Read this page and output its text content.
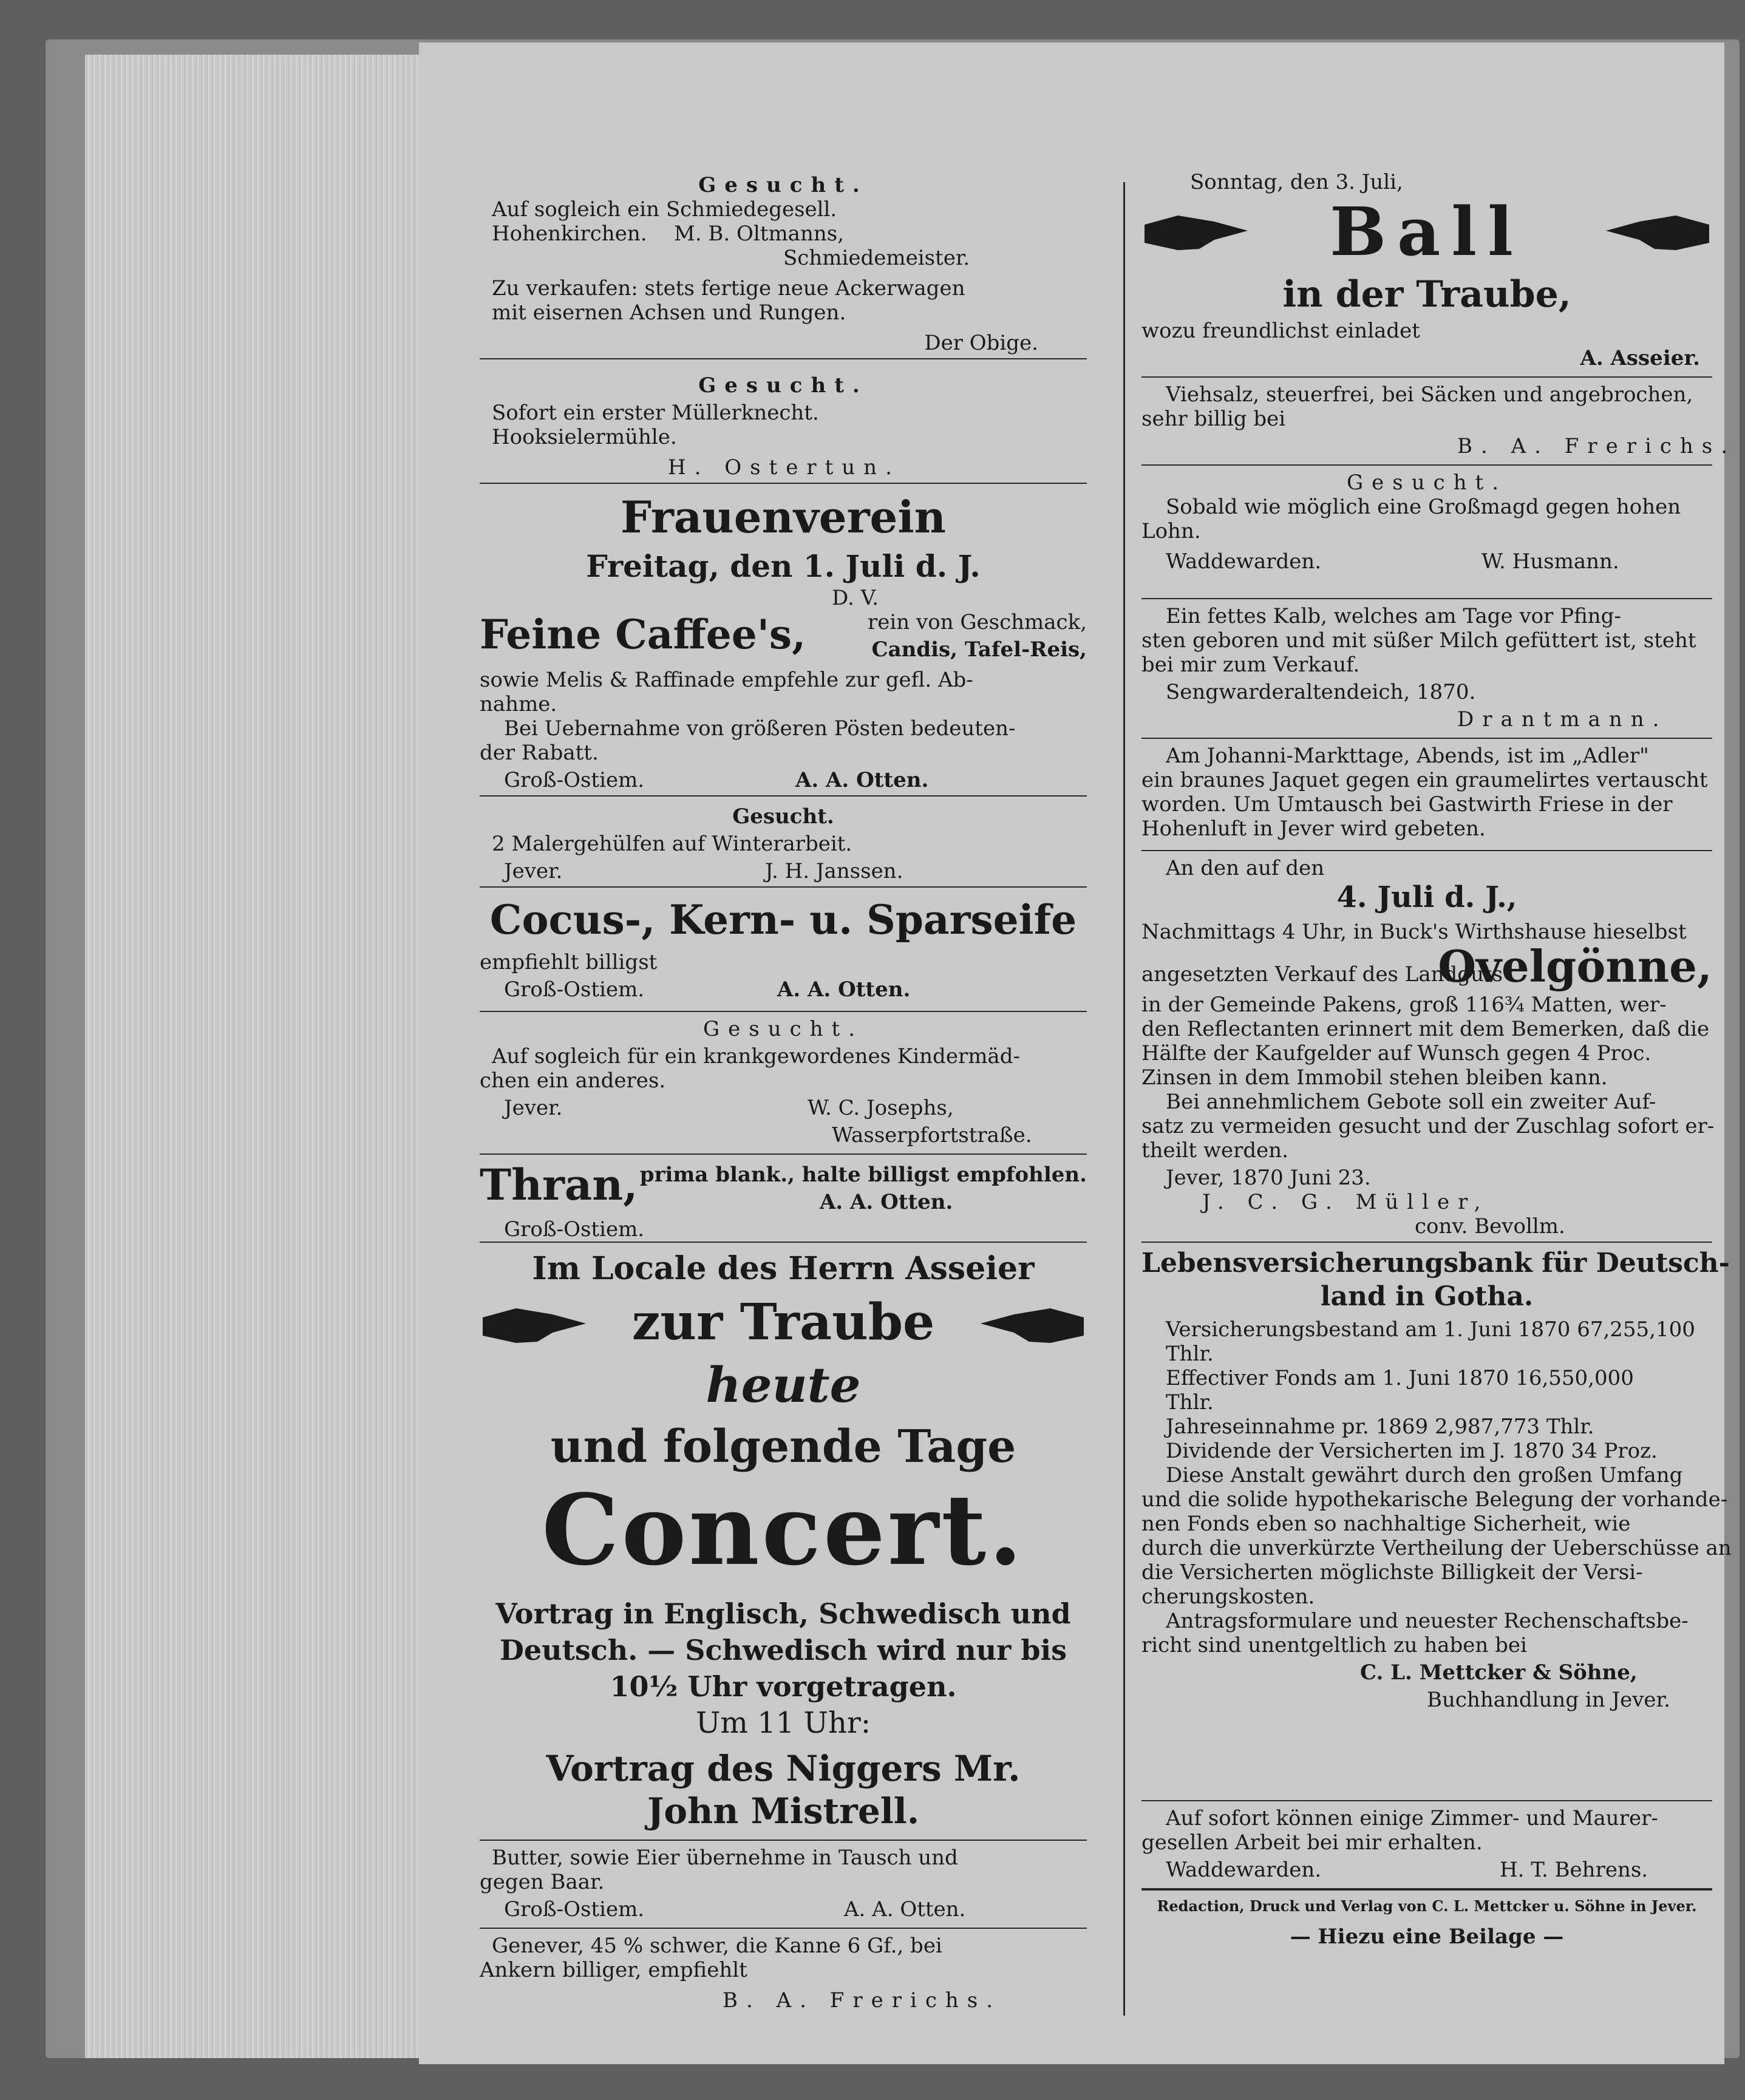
Gesucht.
Auf sogleich ein Schmiedegesell.
Hohenkirchen. M. B. Oltmanns,
Schmiedemeister.
Zu verkaufen: stets fertige neue Ackerwagen
mit eisernen Achsen und Rungen.
Der Obige.
Gesucht.
Sofort ein erster Müllerknecht.
Hooksielermühle.
H. Ostertun.
Frauenverein
Freitag, den 1. Juli d. J.
D. V.
Feine Caffee's,	rein von Geschmack,
Candis, Tafel-Reis,
sowie Melis & Raffinade empfehle zur gefl. Ab-
nahme.
Bei Uebernahme von größeren Pösten bedeuten-
der Rabatt.
Groß-Ostiem.	A. A. Otten.
Gesucht.
2 Malergehülfen auf Winterarbeit.
Jever.	J. H. Janssen.
Cocus-, Kern- u. Sparseife
empfiehlt billigst
Groß-Ostiem.	A. A. Otten.
Gesucht.
Auf sogleich für ein krankgewordenes Kindermäd-
chen ein anderes.
Jever.	W. C. Josephs,
Wasserpfortstraße.
Thran, prima blank., halte billigst empfohlen.
A. A. Otten.
Groß-Ostiem.
Im Locale des Herrn Asseier
zur Traube
heute
und folgende Tage
Concert.
Vortrag in Englisch, Schwedisch und
Deutsch. — Schwedisch wird nur bis
10½ Uhr vorgetragen.
Um 11 Uhr:
Vortrag des Niggers Mr.
John Mistrell.
Butter, sowie Eier übernehme in Tausch und
gegen Baar.
Groß-Ostiem.	A. A. Otten.
Genever, 45 % schwer, die Kanne 6 Gf., bei
Ankern billiger, empfiehlt
B. A. Frerichs.
Sonntag, den 3. Juli,
Ball
in der Traube,
wozu freundlichst einladet
A. Asseier.
Viehsalz, steuerfrei, bei Säcken und angebrochen,
sehr billig bei
B. A. Frerichs.
Gesucht.
Sobald wie möglich eine Großmagd gegen hohen
Lohn.
Waddewarden.	W. Husmann.
Ein fettes Kalb, welches am Tage vor Pfing-
sten geboren und mit süßer Milch gefüttert ist, steht
bei mir zum Verkauf.
Sengwarderaltendeich, 1870.
Drantmann.
Am Johanni-Markttage, Abends, ist im „Adler"
ein braunes Jaquet gegen ein graumelirtes vertauscht
worden. Um Umtausch bei Gastwirth Friese in der
Hohenluft in Jever wird gebeten.
An den auf den
4. Juli d. J.,
Nachmittags 4 Uhr, in Buck's Wirthshause hieselbst
angesetzten Verkauf des Landguts
Ovelgönne,
in der Gemeinde Pakens, groß 116¾ Matten, wer-
den Reflectanten erinnert mit dem Bemerken, daß die
Hälfte der Kaufgelder auf Wunsch gegen 4 Proc.
Zinsen in dem Immobil stehen bleiben kann.
Bei annehmlichem Gebote soll ein zweiter Auf-
satz zu vermeiden gesucht und der Zuschlag sofort er-
theilt werden.
Jever, 1870 Juni 23.
J. C. G. Müller,
conv. Bevollm.
Lebensversicherungsbank für Deutsch-
land in Gotha.
Versicherungsbestand am 1. Juni 1870 67,255,100
Thlr.
Effectiver Fonds am 1. Juni 1870 16,550,000
Thlr.
Jahreseinnahme pr. 1869 2,987,773 Thlr.
Dividende der Versicherten im J. 1870 34 Proz.
Diese Anstalt gewährt durch den großen Umfang
und die solide hypothekarische Belegung der vorhande-
nen Fonds eben so nachhaltige Sicherheit, wie
durch die unverkürzte Vertheilung der Ueberschüsse an
die Versicherten möglichste Billigkeit der Versi-
cherungskosten.
Antragsformulare und neuester Rechenschaftsbe-
richt sind unentgeltlich zu haben bei
C. L. Mettcker & Söhne,
Buchhandlung in Jever.
Auf sofort können einige Zimmer- und Maurer-
gesellen Arbeit bei mir erhalten.
Waddewarden.	H. T. Behrens.
Redaction, Druck und Verlag von C. L. Mettcker u. Söhne in Jever.
— Hiezu eine Beilage —
